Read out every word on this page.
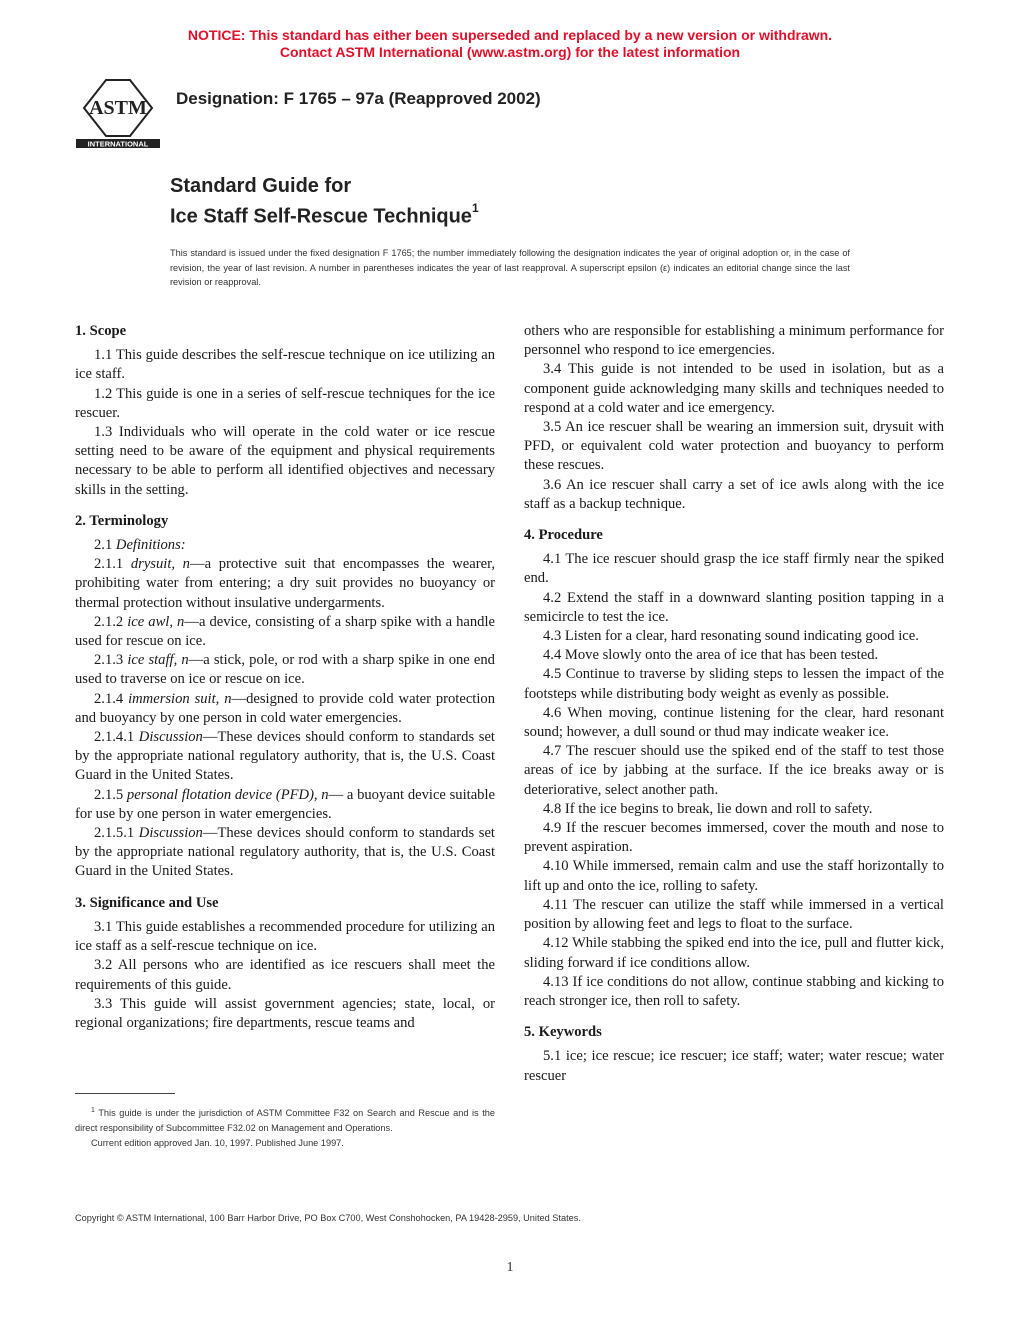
NOTICE: This standard has either been superseded and replaced by a new version or withdrawn.
Contact ASTM International (www.astm.org) for the latest information
ASTM
INTERNATIONAL
Designation: F 1765 – 97a (Reapproved 2002)
Standard Guide for
Ice Staff Self-Rescue Technique$^1$
This standard is issued under the fixed designation F 1765; the number immediately following the designation indicates the year of original adoption or, in the case of revision, the year of last revision. A number in parentheses indicates the year of last reapproval. A superscript epsilon (ε) indicates an editorial change since the last revision or reapproval.
1. Scope

1.1 This guide describes the self-rescue technique on ice utilizing an ice staff.

1.2 This guide is one in a series of self-rescue techniques for the ice rescuer.

1.3 Individuals who will operate in the cold water or ice rescue setting need to be aware of the equipment and physical requirements necessary to be able to perform all identified objectives and necessary skills in the setting.

2. Terminology

2.1 Definitions:

2.1.1 drysuit, n—a protective suit that encompasses the wearer, prohibiting water from entering; a dry suit provides no buoyancy or thermal protection without insulative undergarments.

2.1.2 ice awl, n—a device, consisting of a sharp spike with a handle used for rescue on ice.

2.1.3 ice staff, n—a stick, pole, or rod with a sharp spike in one end used to traverse on ice or rescue on ice.

2.1.4 immersion suit, n—designed to provide cold water protection and buoyancy by one person in cold water emergencies.

2.1.4.1 Discussion—These devices should conform to standards set by the appropriate national regulatory authority, that is, the U.S. Coast Guard in the United States.

2.1.5 personal flotation device (PFD), n— a buoyant device suitable for use by one person in water emergencies.

2.1.5.1 Discussion—These devices should conform to standards set by the appropriate national regulatory authority, that is, the U.S. Coast Guard in the United States.

3. Significance and Use

3.1 This guide establishes a recommended procedure for utilizing an ice staff as a self-rescue technique on ice.

3.2 All persons who are identified as ice rescuers shall meet the requirements of this guide.

3.3 This guide will assist government agencies; state, local, or regional organizations; fire departments, rescue teams and

others who are responsible for establishing a minimum performance for personnel who respond to ice emergencies.

3.4 This guide is not intended to be used in isolation, but as a component guide acknowledging many skills and techniques needed to respond at a cold water and ice emergency.

3.5 An ice rescuer shall be wearing an immersion suit, drysuit with PFD, or equivalent cold water protection and buoyancy to perform these rescues.

3.6 An ice rescuer shall carry a set of ice awls along with the ice staff as a backup technique.

4. Procedure

4.1 The ice rescuer should grasp the ice staff firmly near the spiked end.

4.2 Extend the staff in a downward slanting position tapping in a semicircle to test the ice.

4.3 Listen for a clear, hard resonating sound indicating good ice.

4.4 Move slowly onto the area of ice that has been tested.

4.5 Continue to traverse by sliding steps to lessen the impact of the footsteps while distributing body weight as evenly as possible.

4.6 When moving, continue listening for the clear, hard resonant sound; however, a dull sound or thud may indicate weaker ice.

4.7 The rescuer should use the spiked end of the staff to test those areas of ice by jabbing at the surface. If the ice breaks away or is deteriorative, select another path.

4.8 If the ice begins to break, lie down and roll to safety.

4.9 If the rescuer becomes immersed, cover the mouth and nose to prevent aspiration.

4.10 While immersed, remain calm and use the staff horizontally to lift up and onto the ice, rolling to safety.

4.11 The rescuer can utilize the staff while immersed in a vertical position by allowing feet and legs to float to the surface.

4.12 While stabbing the spiked end into the ice, pull and flutter kick, sliding forward if ice conditions allow.

4.13 If ice conditions do not allow, continue stabbing and kicking to reach stronger ice, then roll to safety.

5. Keywords

5.1 ice; ice rescue; ice rescuer; ice staff; water; water rescue; water rescuer

$^1$ This guide is under the jurisdiction of ASTM Committee F32 on Search and Rescue and is the direct responsibility of Subcommittee F32.02 on Management and Operations.

Current edition approved Jan. 10, 1997. Published June 1997.

Copyright © ASTM International, 100 Barr Harbor Drive, PO Box C700, West Conshohocken, PA 19428-2959, United States.
1
